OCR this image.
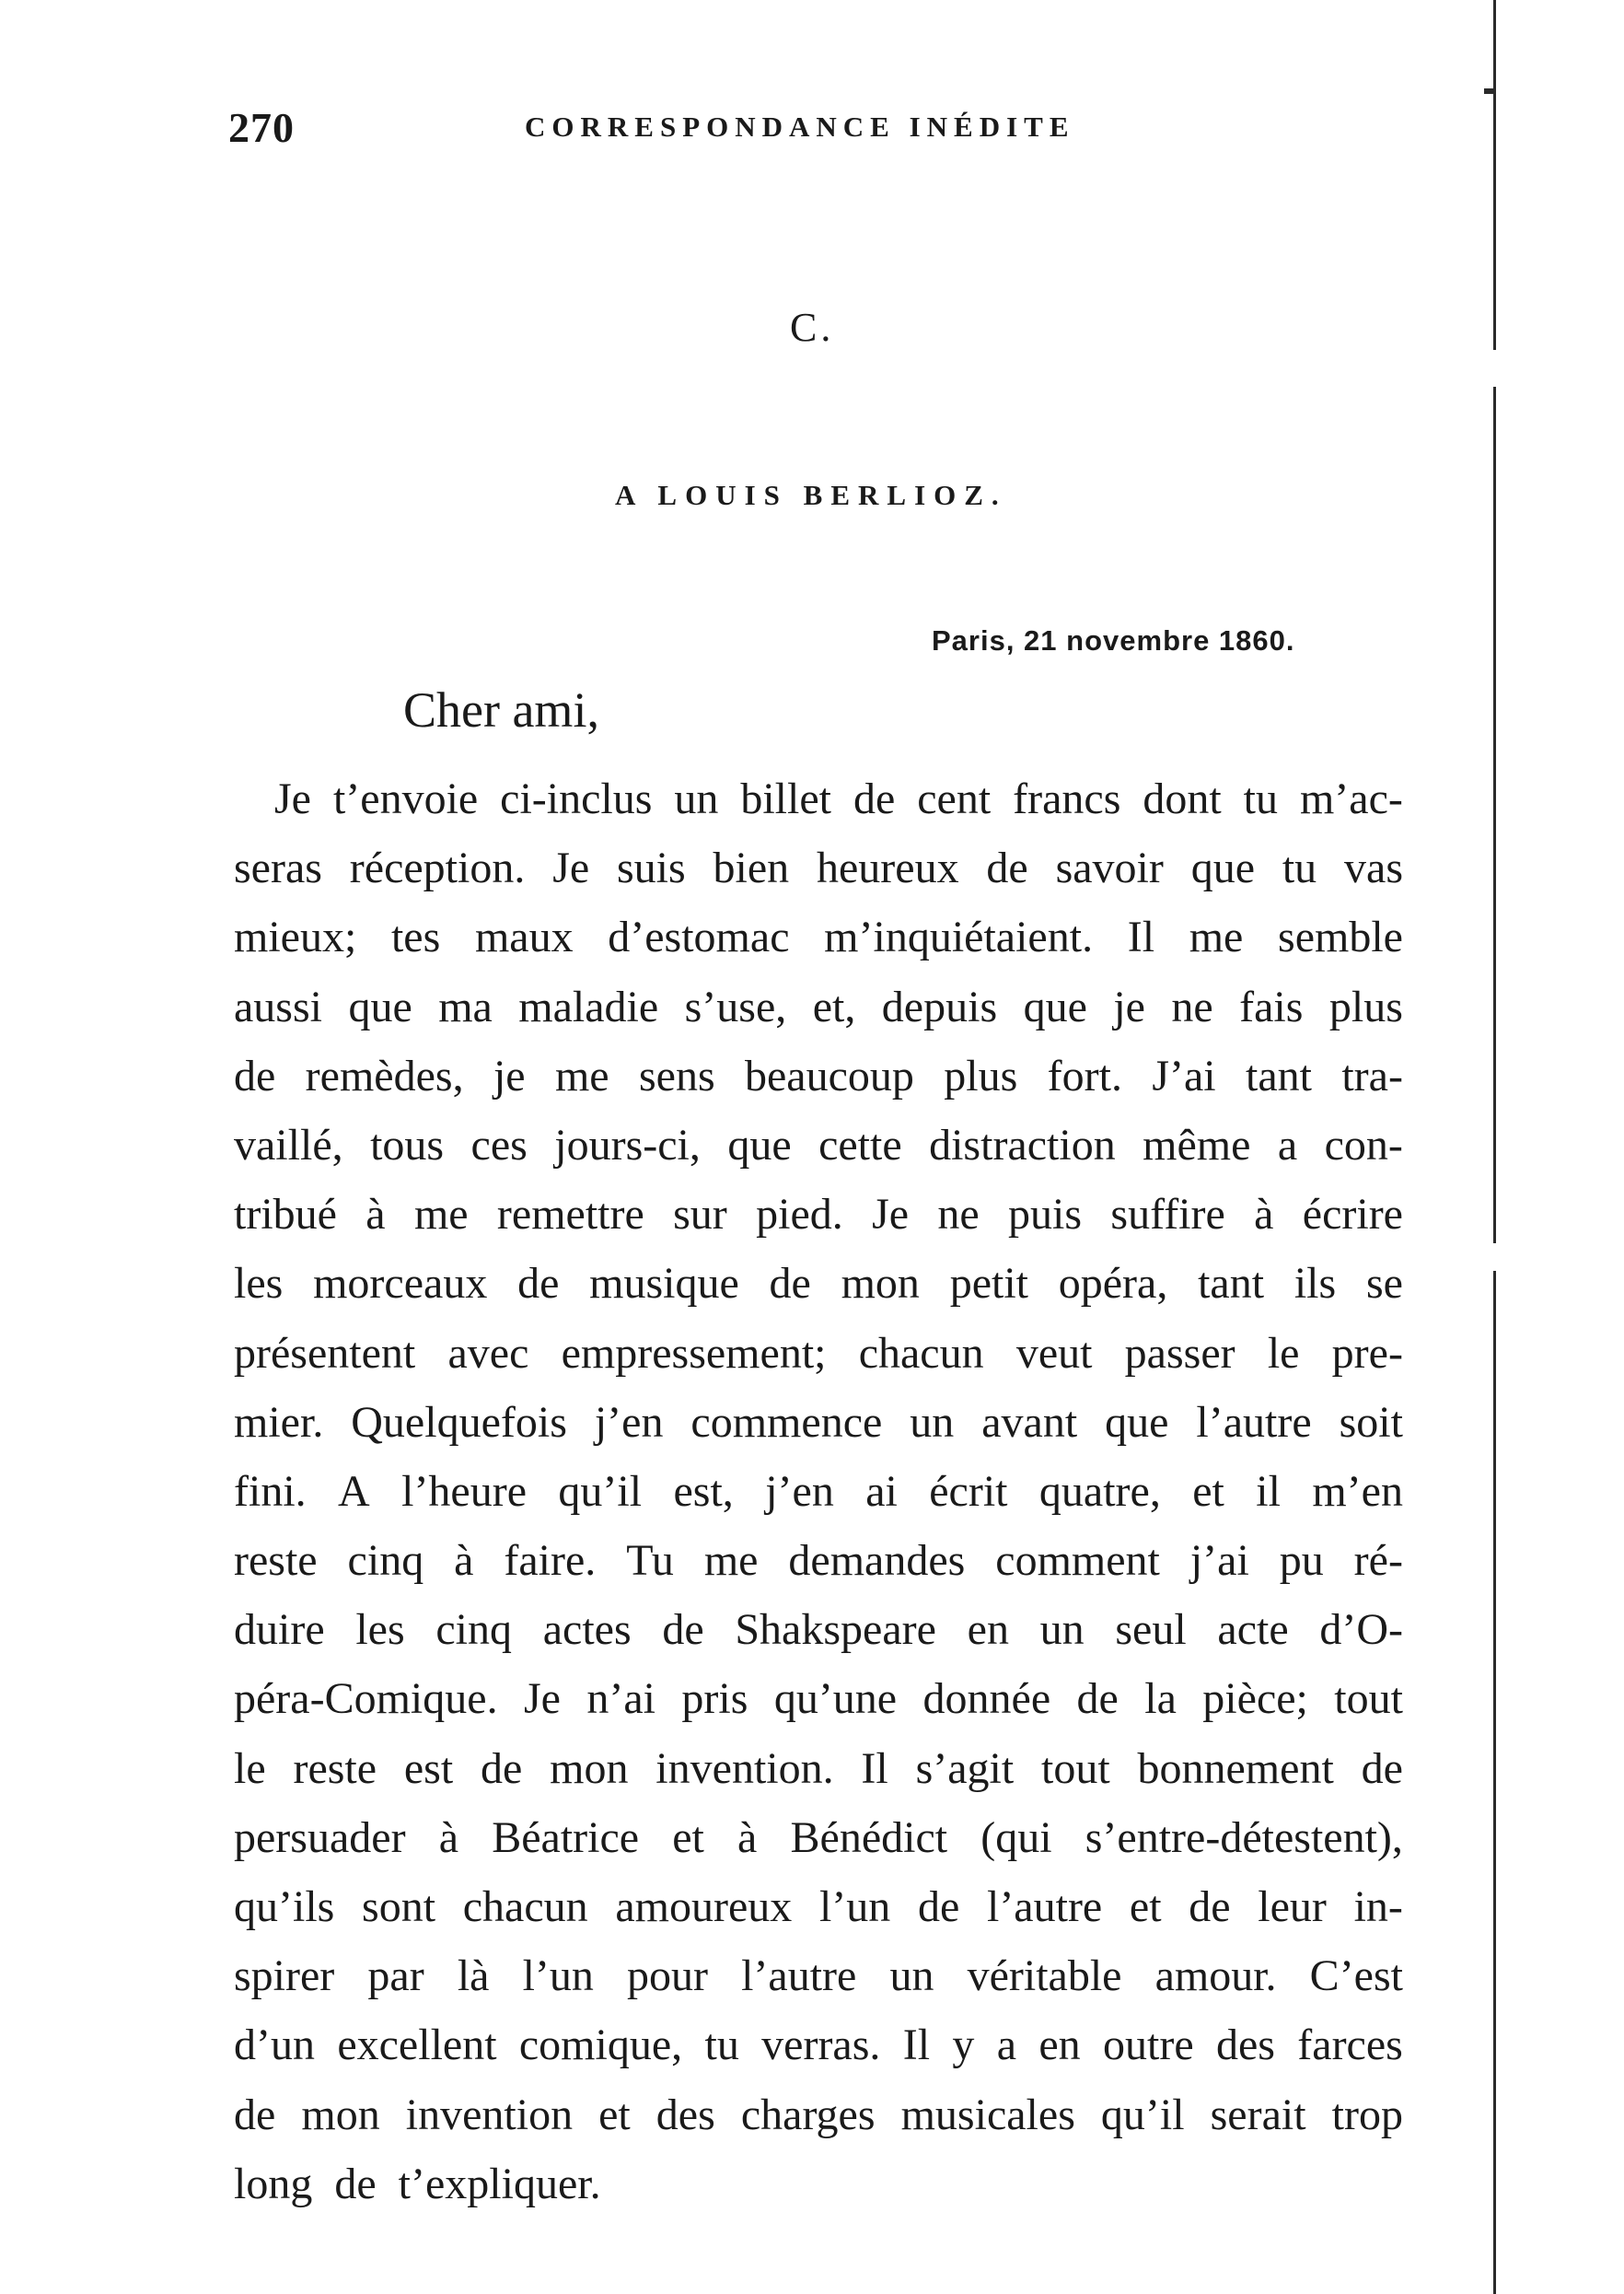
270	CORRESPONDANCE INÉDITE
C.
A LOUIS BERLIOZ.
Paris, 21 novembre 1860.
Cher ami,
Je t’envoie ci-inclus un billet de cent francs dont tu m’ac-
seras réception. Je suis bien heureux de savoir que tu vas
mieux; tes maux d’estomac m’inquiétaient. Il me semble
aussi que ma maladie s’use, et, depuis que je ne fais plus
de remèdes, je me sens beaucoup plus fort. J’ai tant tra-
vaillé, tous ces jours-ci, que cette distraction même a con-
tribué à me remettre sur pied. Je ne puis suffire à écrire
les morceaux de musique de mon petit opéra, tant ils se
présentent avec empressement; chacun veut passer le pre-
mier. Quelquefois j’en commence un avant que l’autre soit
fini. A l’heure qu’il est, j’en ai écrit quatre, et il m’en
reste cinq à faire. Tu me demandes comment j’ai pu ré-
duire les cinq actes de Shakspeare en un seul acte d’O-
péra-Comique. Je n’ai pris qu’une donnée de la pièce; tout
le reste est de mon invention. Il s’agit tout bonnement de
persuader à Béatrice et à Bénédict (qui s’entre-détestent),
qu’ils sont chacun amoureux l’un de l’autre et de leur in-
spirer par là l’un pour l’autre un véritable amour. C’est
d’un excellent comique, tu verras. Il y a en outre des farces
de mon invention et des charges musicales qu’il serait trop
long de t’expliquer.
